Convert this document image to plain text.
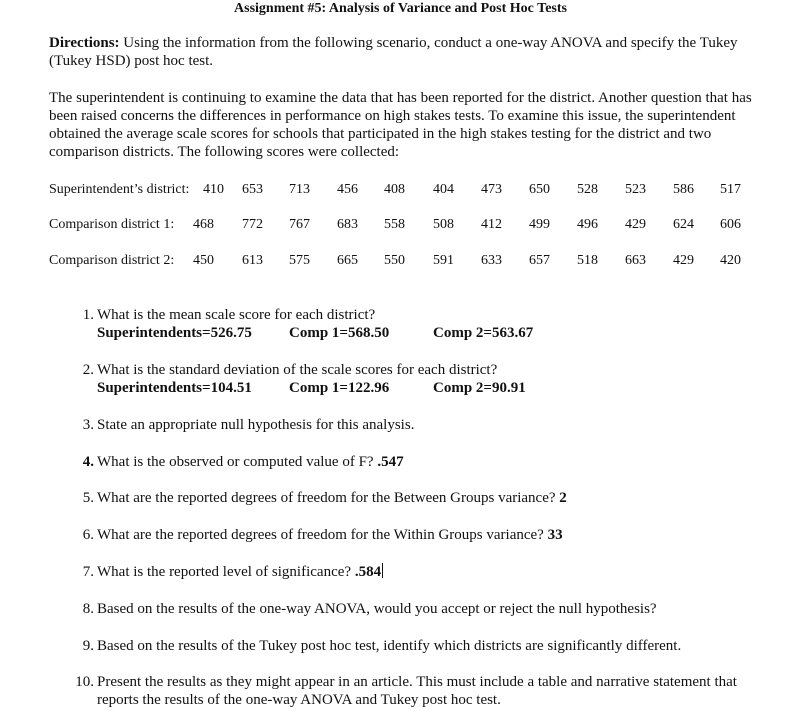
Assignment #5: Analysis of Variance and Post Hoc Tests
Directions: Using the information from the following scenario, conduct a one-way ANOVA and specify the Tukey (Tukey HSD) post hoc test.
The superintendent is continuing to examine the data that has been reported for the district. Another question that has been raised concerns the differences in performance on high stakes tests. To examine this issue, the superintendent obtained the average scale scores for schools that participated in the high stakes testing for the district and two comparison districts. The following scores were collected:
Superintendent’s district: 410 653 713 456 408 404 473 650 528 523 586 517
Comparison district 1: 468 772 767 683 558 508 412 499 496 429 624 606
Comparison district 2: 450 613 575 665 550 591 633 657 518 663 429 420
1. What is the mean scale score for each district?
Superintendents=526.75 Comp 1=568.50	Comp 2=563.67
2. What is the standard deviation of the scale scores for each district?
Superintendents=104.51 Comp 1=122.96	Comp 2=90.91
3. State an appropriate null hypothesis for this analysis.
4. What is the observed or computed value of F? .547
5. What are the reported degrees of freedom for the Between Groups variance? 2
6. What are the reported degrees of freedom for the Within Groups variance? 33
7. What is the reported level of significance? .584
8. Based on the results of the one-way ANOVA, would you accept or reject the null hypothesis?
9. Based on the results of the Tukey post hoc test, identify which districts are significantly different.
10. Present the results as they might appear in an article. This must include a table and narrative statement that reports the results of the one-way ANOVA and Tukey post hoc test.
